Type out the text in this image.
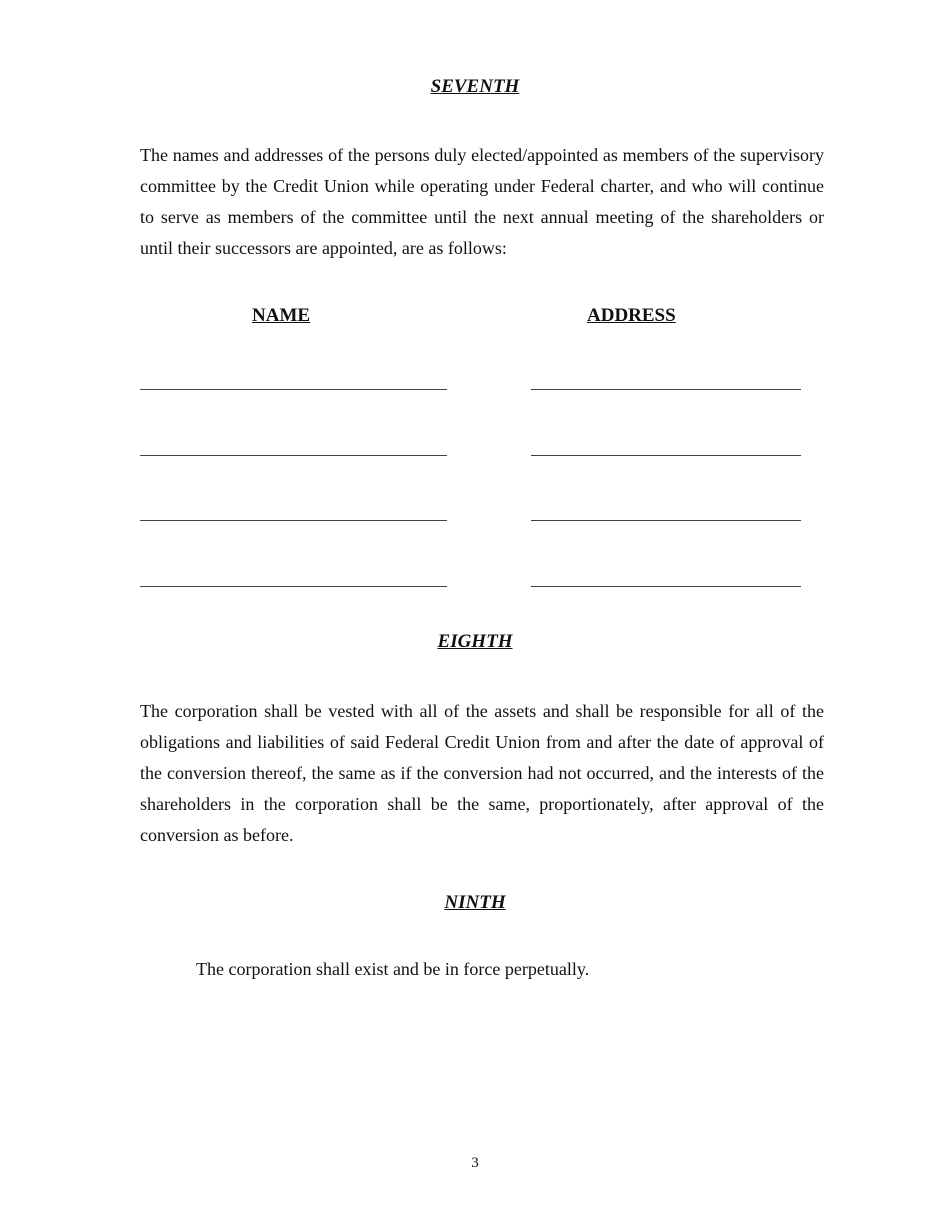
SEVENTH

The names and addresses of the persons duly elected/appointed as members of the supervisory committee by the Credit Union while operating under Federal charter, and who will continue to serve as members of the committee until the next annual meeting of the shareholders or until their successors are appointed, are as follows:

NAME	ADDRESS
EIGHTH

The corporation shall be vested with all of the assets and shall be responsible for all of the obligations and liabilities of said Federal Credit Union from and after the date of approval of the conversion thereof, the same as if the conversion had not occurred, and the interests of the shareholders in the corporation shall be the same, proportionately, after approval of the conversion as before.

NINTH

The corporation shall exist and be in force perpetually.

3
